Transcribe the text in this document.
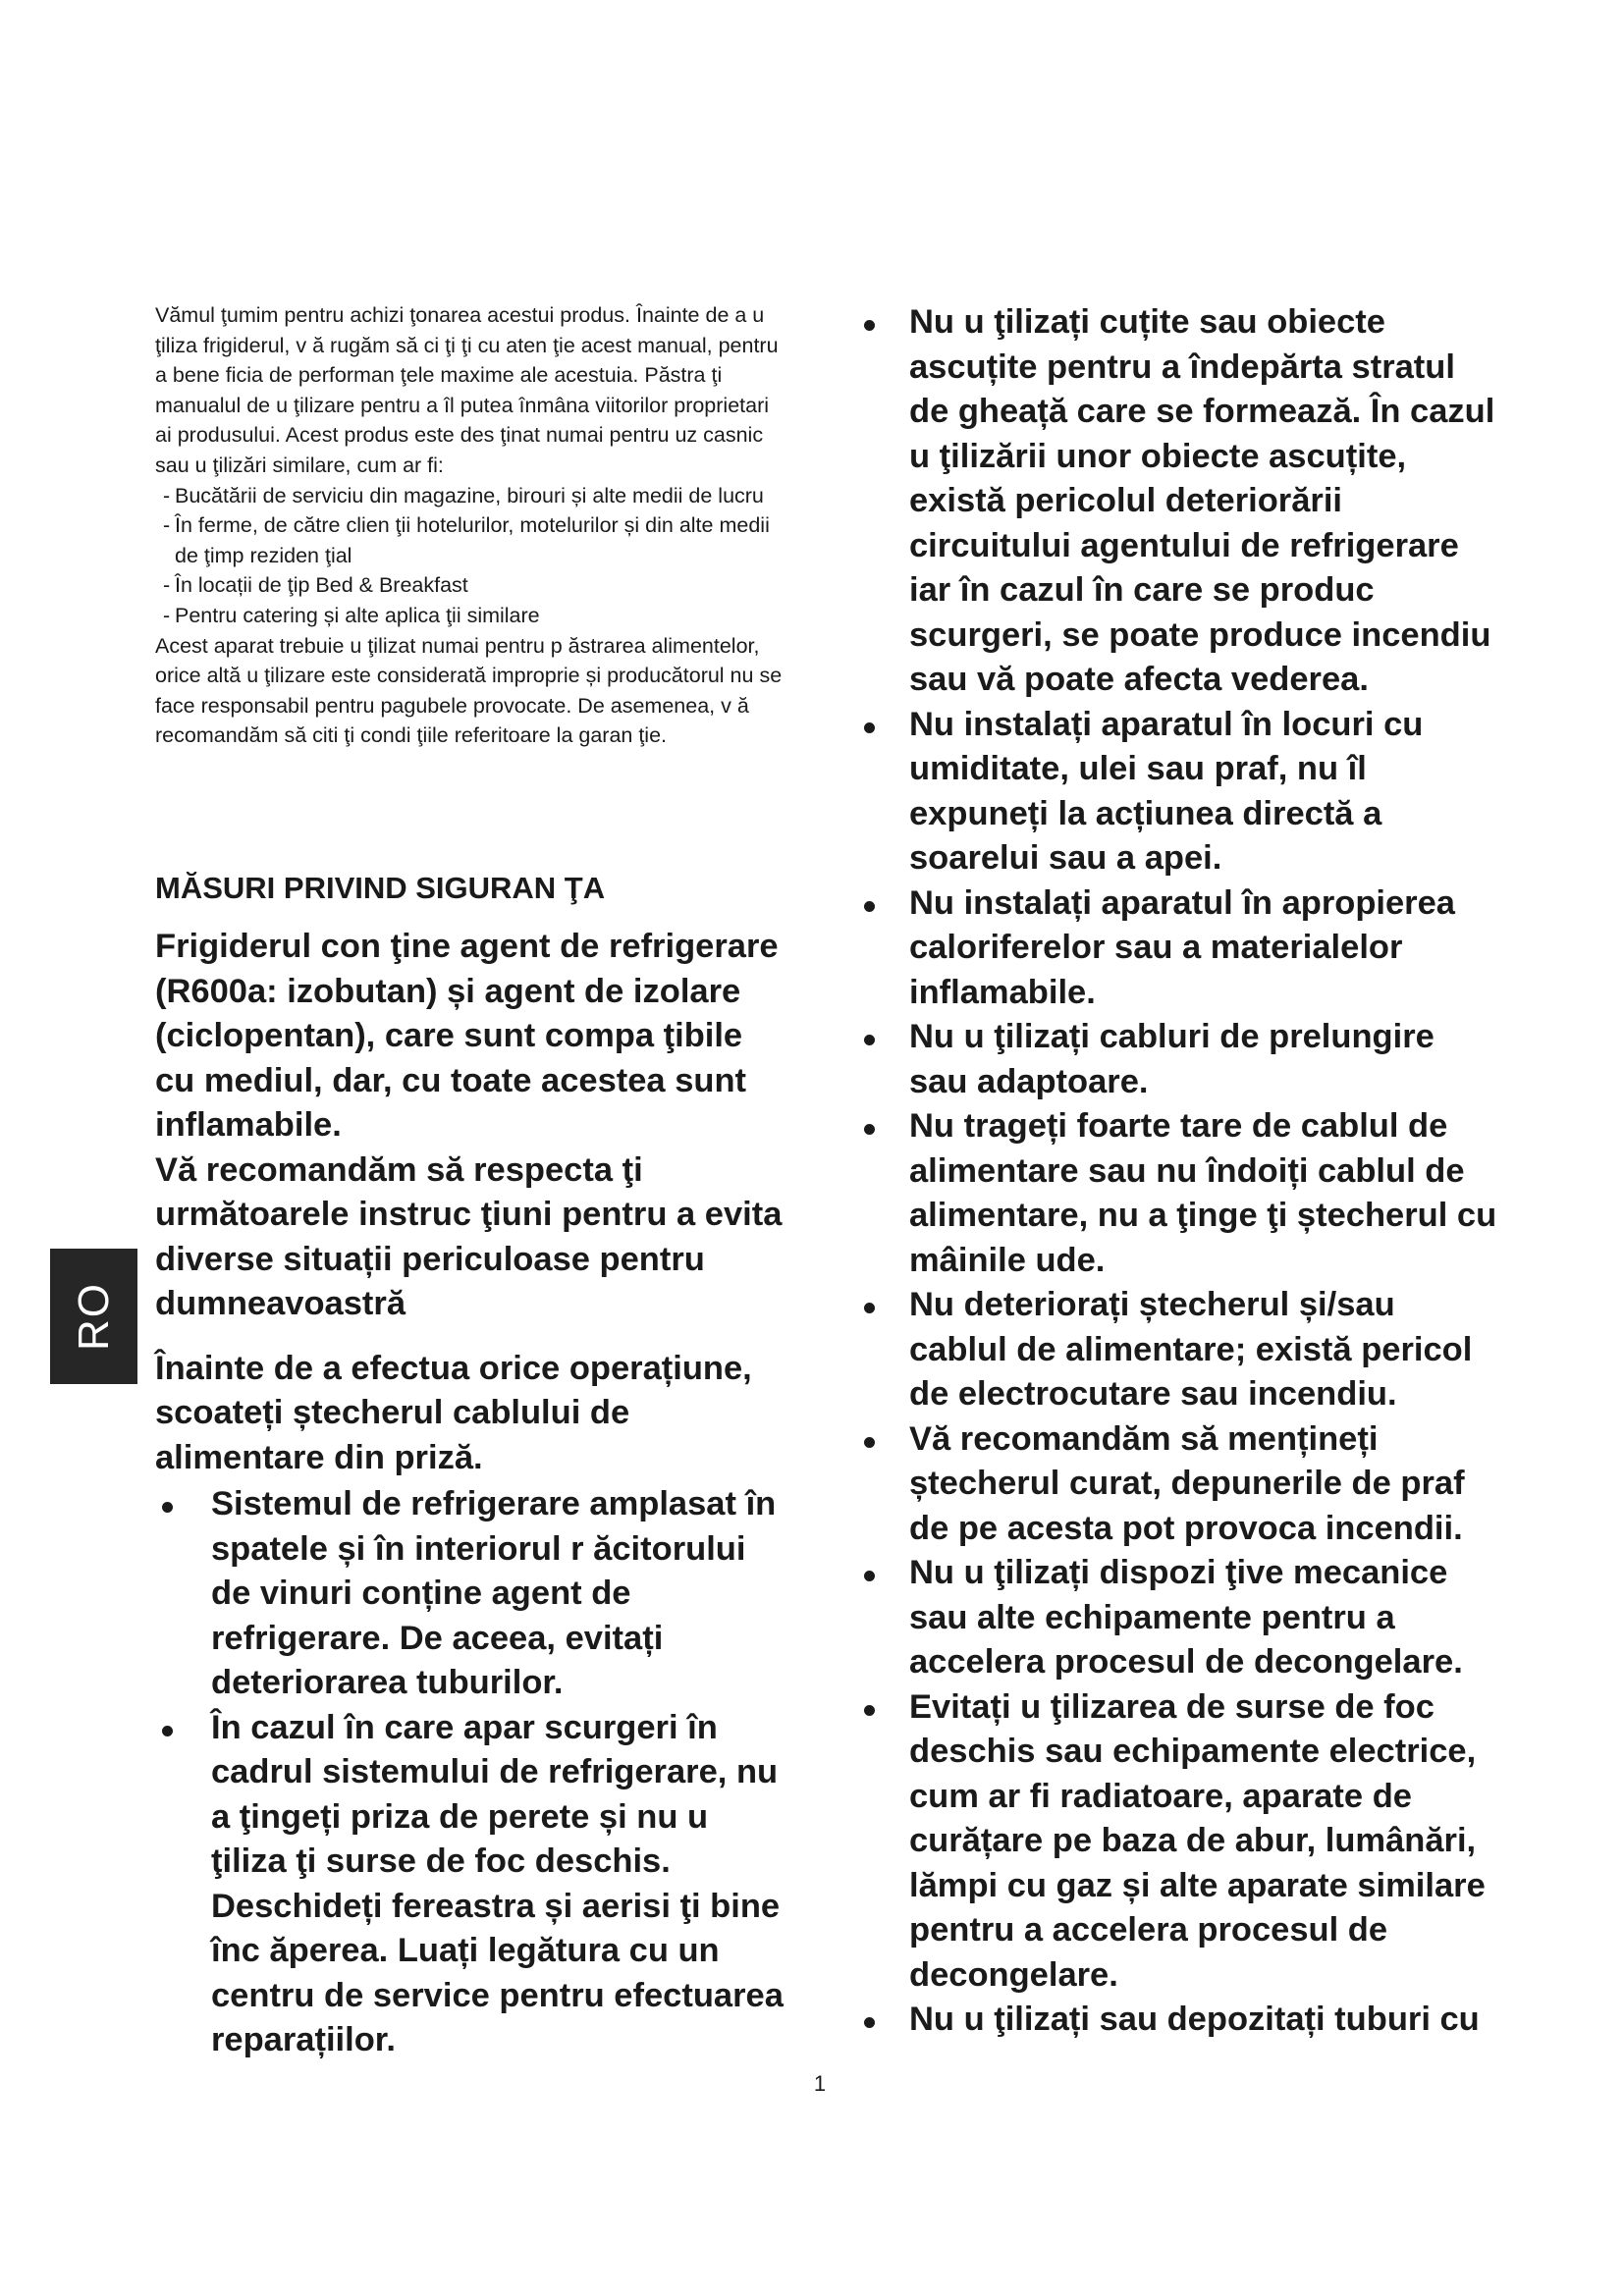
RO

Vămul ţumim pentru achizi ţonarea acestui produs. Înainte de a u ţiliza frigiderul, v ă rugăm să ci ţi ţi cu aten ţie acest manual, pentru a bene ficia de performan ţele maxime ale acestuia. Păstra ţi manualul de u ţilizare pentru a îl putea înmâna viitorilor proprietari ai produsului. Acest produs este des ţinat numai pentru uz casnic sau u ţilizări similare, cum ar fi:

- Bucătării de serviciu din magazine, birouri și alte medii de lucru
- În ferme, de către clien ţii hotelurilor, motelurilor și din alte medii de ţimp reziden ţial
- În locații de ţip Bed & Breakfast
- Pentru catering și alte aplica ţii similare

Acest aparat trebuie u ţilizat numai pentru p ăstrarea alimentelor, orice altă u ţilizare este considerată improprie și producătorul nu se face responsabil pentru pagubele provocate. De asemenea, v ă recomandăm să citi ţi condi ţiile referitoare la garan ţie.

MĂSURI PRIVIND SIGURAN ŢA

Frigiderul con ţine agent de refrigerare (R600a: izobutan) și agent de izolare (ciclopentan), care sunt compa ţibile cu mediul, dar, cu toate acestea sunt inflamabile.

Vă recomandăm să respecta ţi următoarele instruc ţiuni pentru a evita diverse situații periculoase pentru dumneavoastră

Înainte de a efectua orice operațiune, scoateți ștecherul cablului de alimentare din priză.

Sistemul de refrigerare amplasat în spatele și în interiorul r ăcitorului de vinuri conține agent de refrigerare. De aceea, evitați deteriorarea tuburilor.
În cazul în care apar scurgeri în cadrul sistemului de refrigerare, nu a ţingeți priza de perete și nu u ţiliza ţi surse de foc deschis. Deschideți fereastra și aerisi ţi bine înc ăperea. Luați legătura cu un centru de service pentru efectuarea reparațiilor.
Nu u ţilizați cuțite sau obiecte ascuțite pentru a îndepărta stratul de gheață care se formează. În cazul u ţilizării unor obiecte ascuțite, există pericolul deteriorării circuitului agentului de refrigerare iar în cazul în care se produc scurgeri, se poate produce incendiu sau vă poate afecta vederea.
Nu instalați aparatul în locuri cu umiditate, ulei sau praf, nu îl expuneți la acțiunea directă a soarelui sau a apei.
Nu instalați aparatul în apropierea caloriferelor sau a materialelor inflamabile.
Nu u ţilizați cabluri de prelungire sau adaptoare.
Nu trageți foarte tare de cablul de alimentare sau nu îndoiți cablul de alimentare, nu a ţinge ţi ștecherul cu mâinile ude.
Nu deteriorați ștecherul și/sau cablul de alimentare; există pericol de electrocutare sau incendiu.
Vă recomandăm să mențineți ștecherul curat, depunerile de praf de pe acesta pot provoca incendii.
Nu u ţilizați dispozi ţive mecanice sau alte echipamente pentru a accelera procesul de decongelare.
Evitați u ţilizarea de surse de foc deschis sau echipamente electrice, cum ar fi radiatoare, aparate de curățare pe baza de abur, lumânări, lămpi cu gaz și alte aparate similare pentru a accelera procesul de decongelare.
Nu u ţilizați sau depozitați tuburi cu
1
